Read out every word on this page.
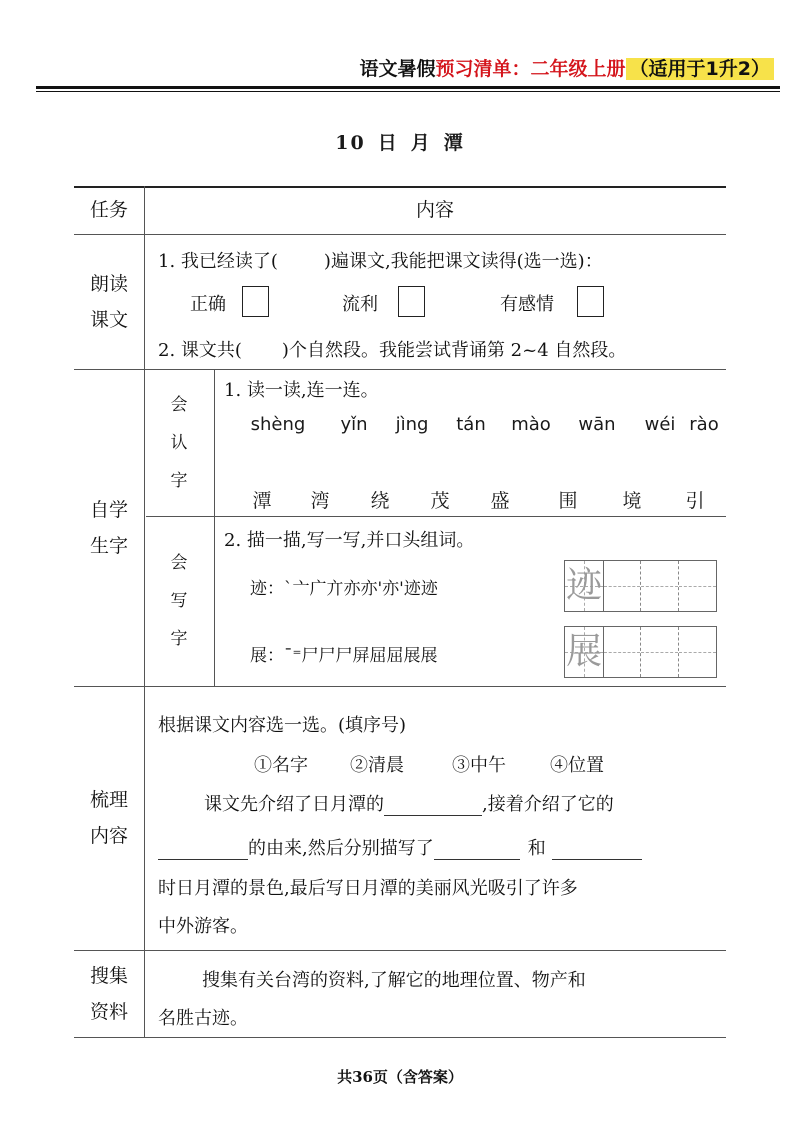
语文暑假预习清单：二年级上册 （适用于1升2）
10 日 月 潭
任务	内容
朗读
课文
1. 我已经读了(	)遍课文,我能把课文读得(选一选)：
正确	流利	有感情
2. 课文共( )个自然段。我能尝试背诵第 2~4 自然段。
自学
生字
会
认
字
1. 读一读,连一连。
shèng yǐn jìng tán mào wān wéi rào
潭 湾 绕 茂 盛	围 境 引
会
写
字
2. 描一描,写一写,并口头组词。
迹：`亠广亣亦亦'亦'迹迹	迹
展：ˉ⁼尸尸尸屏屈屈展展	展
梳理
内容
根据课文内容选一选。(填序号)
①名字 ②清晨	③中午 ④位置
课文先介绍了日月潭的	,接着介绍了它的
的由来,然后分别描写了	和
时日月潭的景色,最后写日月潭的美丽风光吸引了许多
中外游客。
搜集
资料
搜集有关台湾的资料,了解它的地理位置、物产和
名胜古迹。
共36页（含答案）
